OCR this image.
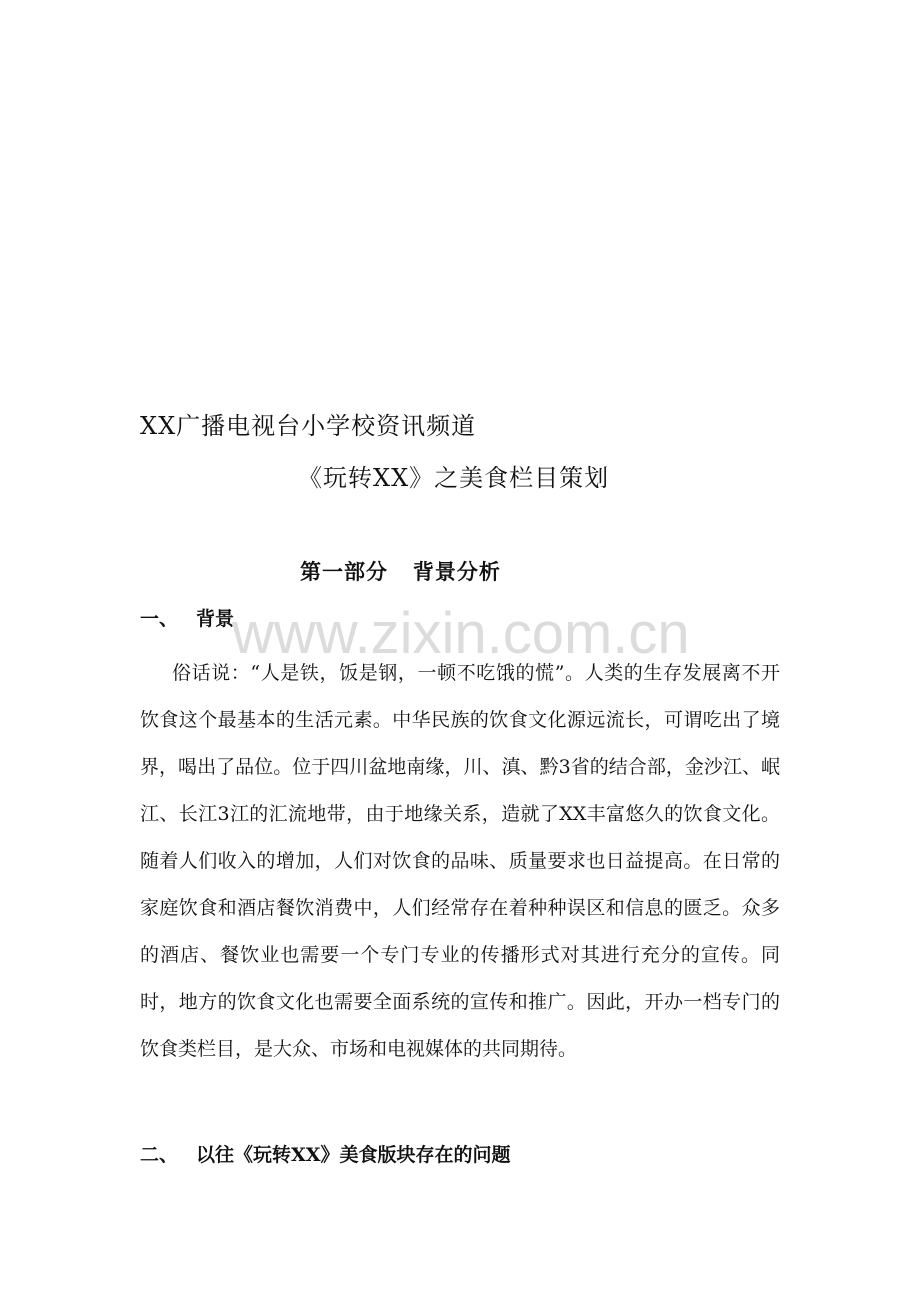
www.zixin.com.cn
XX广播电视台小学校资讯频道
《玩转XX》之美食栏目策划
第一部分   背景分析
一、 背景
俗话说：“人是铁，饭是钢，一顿不吃饿的慌”。人类的生存发展离不开饮食这个最基本的生活元素。中华民族的饮食文化源远流长，可谓吃出了境界，喝出了品位。位于四川盆地南缘，川、滇、黔3省的结合部，金沙江、岷江、长江3江的汇流地带，由于地缘关系，造就了XX丰富悠久的饮食文化。随着人们收入的增加，人们对饮食的品味、质量要求也日益提高。在日常的家庭饮食和酒店餐饮消费中，人们经常存在着种种误区和信息的匮乏。众多的酒店、餐饮业也需要一个专门专业的传播形式对其进行充分的宣传。同时，地方的饮食文化也需要全面系统的宣传和推广。因此，开办一档专门的饮食类栏目，是大众、市场和电视媒体的共同期待。
二、 以往《玩转XX》美食版块存在的问题
